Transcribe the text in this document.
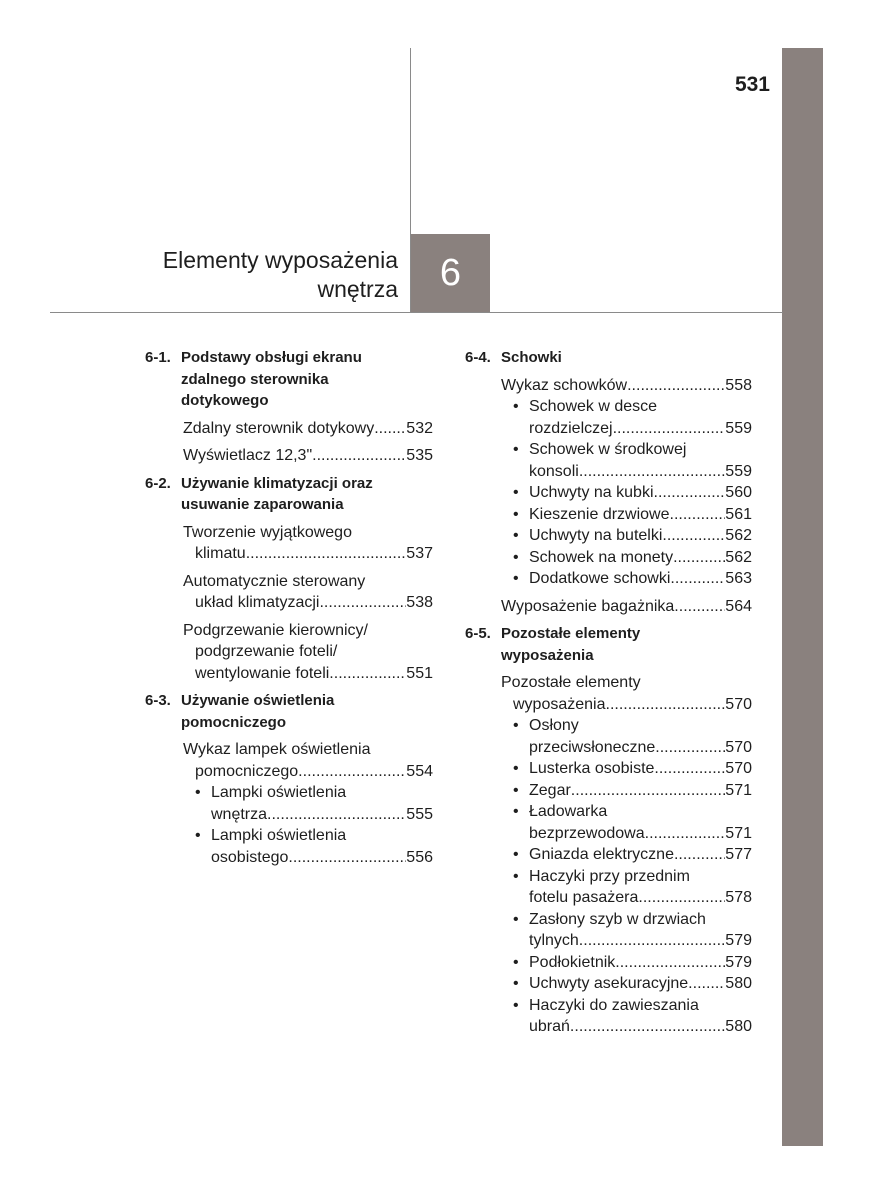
531
Elementy wyposażenia
wnętrza	6
6-1. Podstawy obsługi ekranu
zdalnego sterownika
dotykowego
Zdalny sterownik dotykowy ..... 532
Wyświetlacz 12,3" .....	535
6-2. Używanie klimatyzacji oraz
usuwanie zaparowania
Tworzenie wyjątkowego
klimatu .....	537
Automatycznie sterowany
układ klimatyzacji .....	538
Podgrzewanie kierownicy/
podgrzewanie foteli/
wentylowanie foteli .....	551
6-3. Używanie oświetlenia
pomocniczego
Wykaz lampek oświetlenia
pomocniczego .....	554
• Lampki oświetlenia
wnętrza .....	555
• Lampki oświetlenia
osobistego .....	556
6-4. Schowki
Wykaz schowków .....	558
• Schowek w desce
rozdzielczej .....	559
• Schowek w środkowej
konsoli .....	559
• Uchwyty na kubki .....	560
• Kieszenie drzwiowe .....	561
• Uchwyty na butelki .....	562
• Schowek na monety .....	562
• Dodatkowe schowki .....	563
Wyposażenie bagażnika .....	564
6-5. Pozostałe elementy
wyposażenia
Pozostałe elementy
wyposażenia .....	570
• Osłony
przeciwsłoneczne .....	570
• Lusterka osobiste .....	570
• Zegar .....	571
• Ładowarka
bezprzewodowa .....	571
• Gniazda elektryczne .....	577
• Haczyki przy przednim
fotelu pasażera .....	578
• Zasłony szyb w drzwiach
tylnych .....	579
• Podłokietnik .....	579
• Uchwyty asekuracyjne ..... 580
• Haczyki do zawieszania
ubrań .....	580
